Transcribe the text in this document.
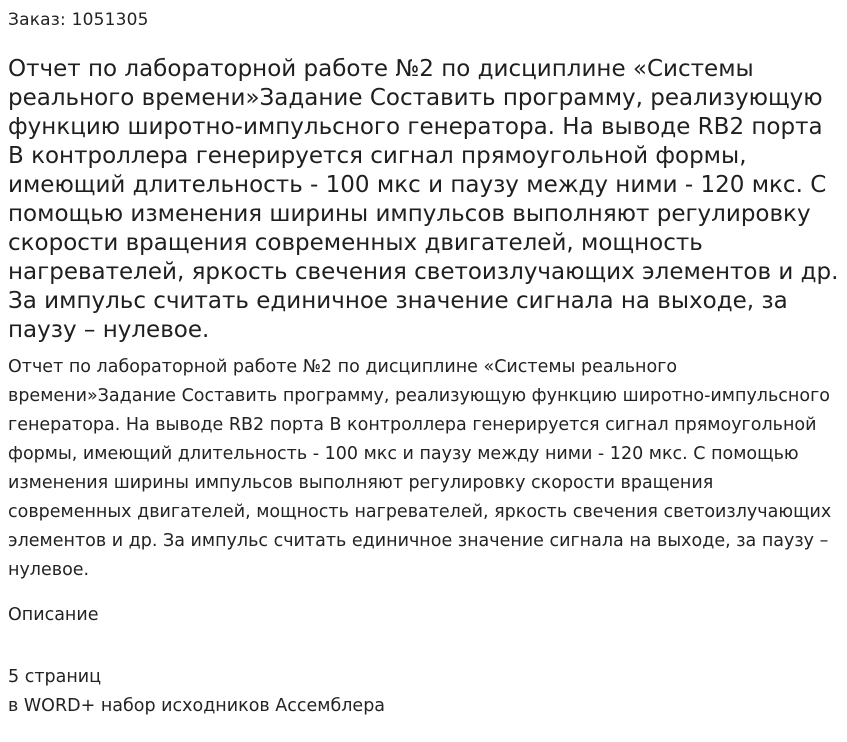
Заказ: 1051305

Отчет по лабораторной работе №2 по дисциплине «Системы реального времени»Задание Составить программу, реализующую функцию широтно-импульсного генератора. На выводе RB2 порта B контроллера генерируется сигнал прямоугольной формы, имеющий длительность - 100 мкс и паузу между ними - 120 мкс. С помощью изменения ширины импульсов выполняют регулировку скорости вращения современных двигателей, мощность нагревателей, яркость свечения светоизлучающих элементов и др. За импульс считать единичное значение сигнала на выходе, за паузу – нулевое.

Отчет по лабораторной работе №2 по дисциплине «Системы реального времени»Задание Составить программу, реализующую функцию широтно-импульсного генератора. На выводе RB2 порта B контроллера генерируется сигнал прямоугольной формы, имеющий длительность - 100 мкс и паузу между ними - 120 мкс. С помощью изменения ширины импульсов выполняют регулировку скорости вращения современных двигателей, мощность нагревателей, яркость свечения светоизлучающих элементов и др. За импульс считать единичное значение сигнала на выходе, за паузу – нулевое.

Описание

5 страниц
в WORD+ набор исходников Ассемблера
